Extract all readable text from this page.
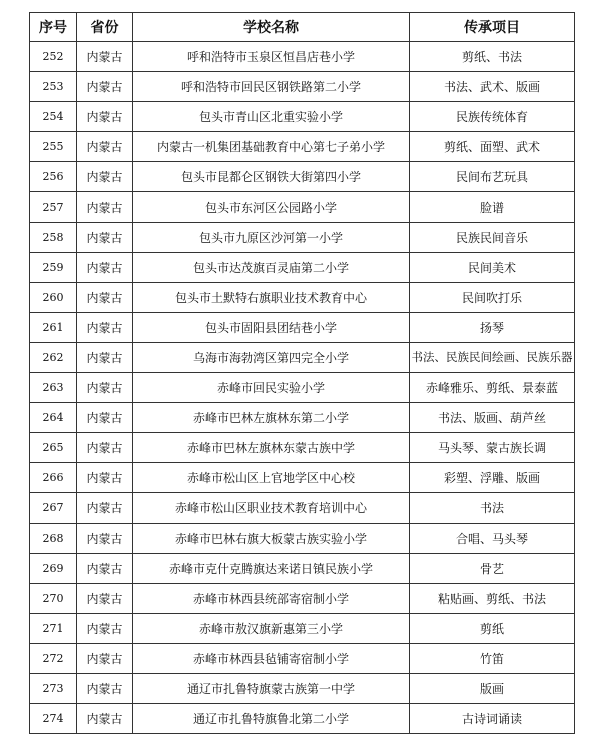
序号	省份	学校名称	传承项目
252	内蒙古	呼和浩特市玉泉区恒昌店巷小学	剪纸、书法
253	内蒙古	呼和浩特市回民区钢铁路第二小学	书法、武术、版画
254	内蒙古	包头市青山区北重实验小学	民族传统体育
255	内蒙古	内蒙古一机集团基础教育中心第七子弟小学	剪纸、面塑、武术
256	内蒙古	包头市昆都仑区钢铁大街第四小学	民间布艺玩具
257	内蒙古	包头市东河区公园路小学	脸谱
258	内蒙古	包头市九原区沙河第一小学	民族民间音乐
259	内蒙古	包头市达茂旗百灵庙第二小学	民间美术
260	内蒙古	包头市土默特右旗职业技术教育中心	民间吹打乐
261	内蒙古	包头市固阳县团结巷小学	扬琴
262	内蒙古	乌海市海勃湾区第四完全小学	书法、民族民间绘画、民族乐器
263	内蒙古	赤峰市回民实验小学	赤峰雅乐、剪纸、景泰蓝
264	内蒙古	赤峰市巴林左旗林东第二小学	书法、版画、葫芦丝
265	内蒙古	赤峰市巴林左旗林东蒙古族中学	马头琴、蒙古族长调
266	内蒙古	赤峰市松山区上官地学区中心校	彩塑、浮雕、版画
267	内蒙古	赤峰市松山区职业技术教育培训中心	书法
268	内蒙古	赤峰市巴林右旗大板蒙古族实验小学	合唱、马头琴
269	内蒙古	赤峰市克什克腾旗达来诺日镇民族小学	骨艺
270	内蒙古	赤峰市林西县统部寄宿制小学	粘贴画、剪纸、书法
271	内蒙古	赤峰市敖汉旗新惠第三小学	剪纸
272	内蒙古	赤峰市林西县毡铺寄宿制小学	竹笛
273	内蒙古	通辽市扎鲁特旗蒙古族第一中学	版画
274	内蒙古	通辽市扎鲁特旗鲁北第二小学	古诗词诵读
